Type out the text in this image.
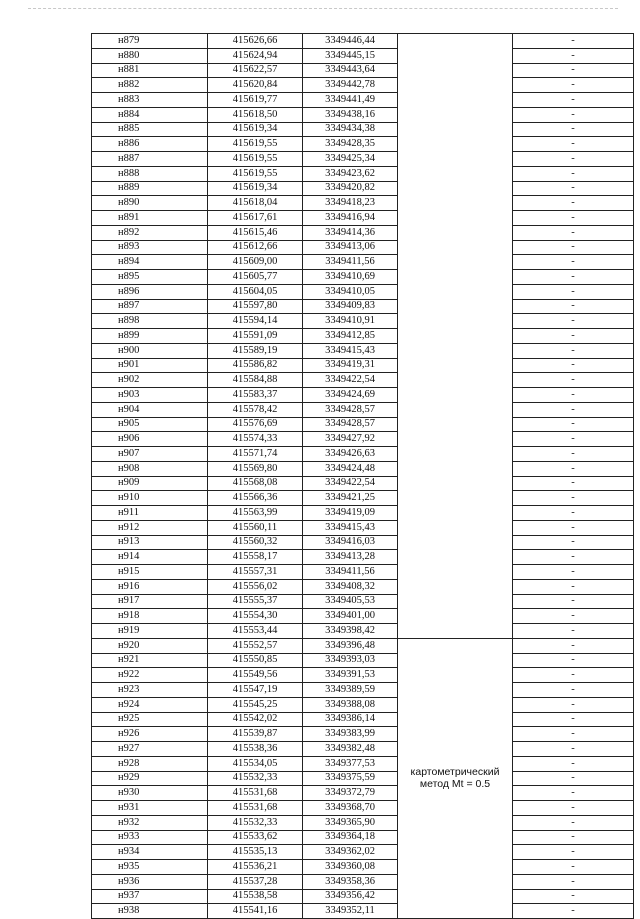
н879	415626,66	3349446,44		-
н880	415624,94	3349445,15		-
н881	415622,57	3349443,64		-
н882	415620,84	3349442,78		-
н883	415619,77	3349441,49		-
н884	415618,50	3349438,16		-
н885	415619,34	3349434,38		-
н886	415619,55	3349428,35		-
н887	415619,55	3349425,34		-
н888	415619,55	3349423,62		-
н889	415619,34	3349420,82		-
н890	415618,04	3349418,23		-
н891	415617,61	3349416,94		-
н892	415615,46	3349414,36		-
н893	415612,66	3349413,06		-
н894	415609,00	3349411,56		-
н895	415605,77	3349410,69		-
н896	415604,05	3349410,05		-
н897	415597,80	3349409,83		-
н898	415594,14	3349410,91		-
н899	415591,09	3349412,85		-
н900	415589,19	3349415,43		-
н901	415586,82	3349419,31		-
н902	415584,88	3349422,54		-
н903	415583,37	3349424,69		-
н904	415578,42	3349428,57		-
н905	415576,69	3349428,57		-
н906	415574,33	3349427,92		-
н907	415571,74	3349426,63		-
н908	415569,80	3349424,48		-
н909	415568,08	3349422,54		-
н910	415566,36	3349421,25		-
н911	415563,99	3349419,09		-
н912	415560,11	3349415,43		-
н913	415560,32	3349416,03		-
н914	415558,17	3349413,28		-
н915	415557,31	3349411,56		-
н916	415556,02	3349408,32		-
н917	415555,37	3349405,53		-
н918	415554,30	3349401,00		-
н919	415553,44	3349398,42		-
н920	415552,57	3349396,48	картометрический метод Mt = 0.5	-
н921	415550,85	3349393,03		-
н922	415549,56	3349391,53		-
н923	415547,19	3349389,59		-
н924	415545,25	3349388,08		-
н925	415542,02	3349386,14		-
н926	415539,87	3349383,99		-
н927	415538,36	3349382,48		-
н928	415534,05	3349377,53		-
н929	415532,33	3349375,59		-
н930	415531,68	3349372,79		-
н931	415531,68	3349368,70		-
н932	415532,33	3349365,90		-
н933	415533,62	3349364,18		-
н934	415535,13	3349362,02		-
н935	415536,21	3349360,08		-
н936	415537,28	3349358,36		-
н937	415538,58	3349356,42		-
н938	415541,16	3349352,11		-
